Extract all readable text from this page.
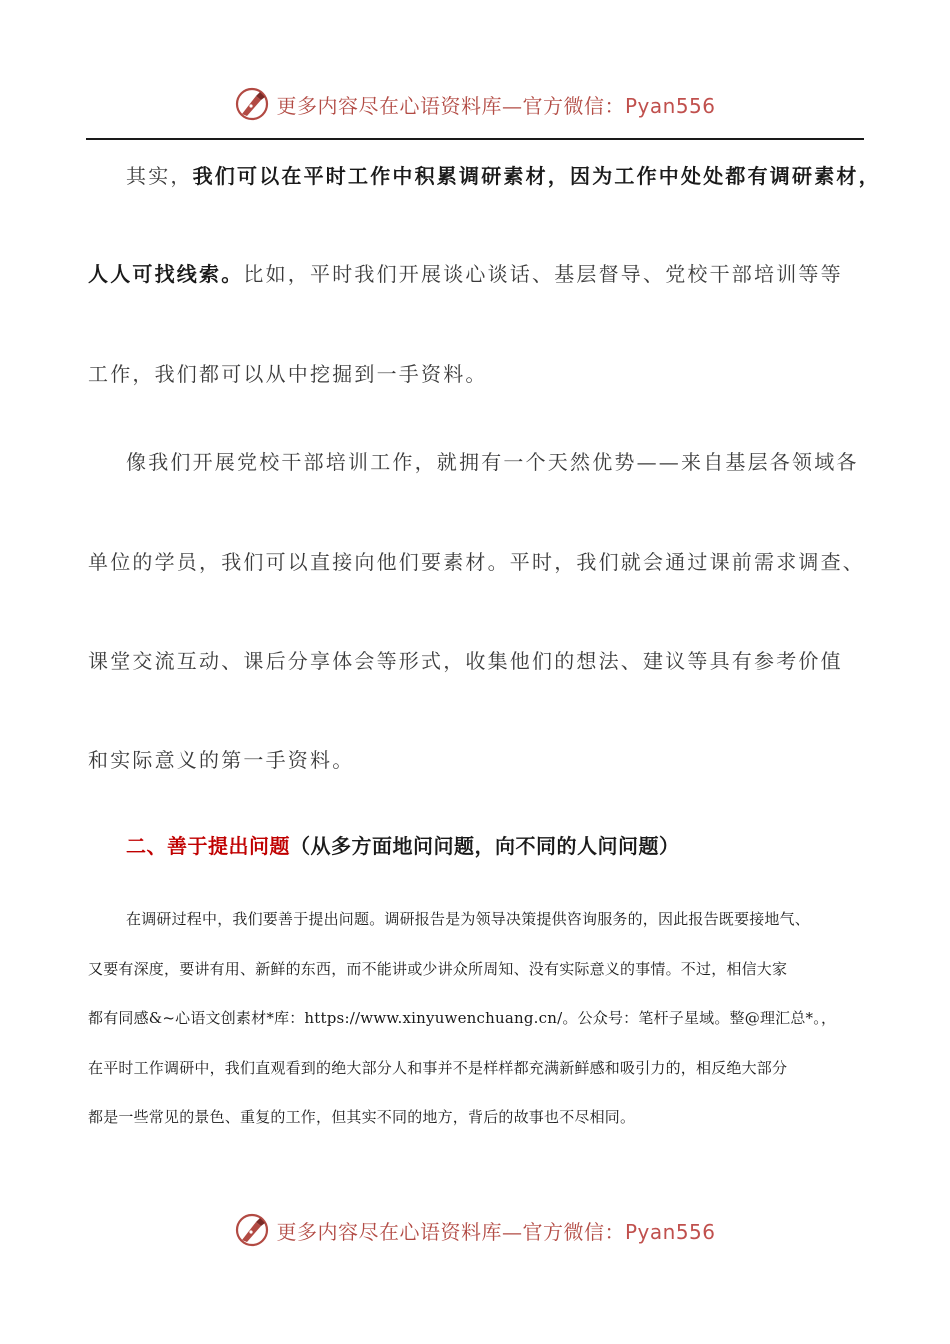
更多内容尽在心语资料库—官方微信：Pyan556
其实，我们可以在平时工作中积累调研素材，因为工作中处处都有调研素材，
人人可找线索。比如，平时我们开展谈心谈话、基层督导、党校干部培训等等
工作，我们都可以从中挖掘到一手资料。
像我们开展党校干部培训工作，就拥有一个天然优势——来自基层各领域各
单位的学员，我们可以直接向他们要素材。平时，我们就会通过课前需求调查、
课堂交流互动、课后分享体会等形式，收集他们的想法、建议等具有参考价值
和实际意义的第一手资料。
二、善于提出问题（从多方面地问问题，向不同的人问问题）
在调研过程中，我们要善于提出问题。调研报告是为领导决策提供咨询服务的，因此报告既要接地气、
又要有深度，要讲有用、新鲜的东西，而不能讲或少讲众所周知、没有实际意义的事情。不过，相信大家
都有同感&~心语文创素材*库：https://www.xinyuwenchuang.cn/。公众号：笔杆子星域。整@理汇总*。，
在平时工作调研中，我们直观看到的绝大部分人和事并不是样样都充满新鲜感和吸引力的，相反绝大部分
都是一些常见的景色、重复的工作，但其实不同的地方，背后的故事也不尽相同。
更多内容尽在心语资料库—官方微信：Pyan556
